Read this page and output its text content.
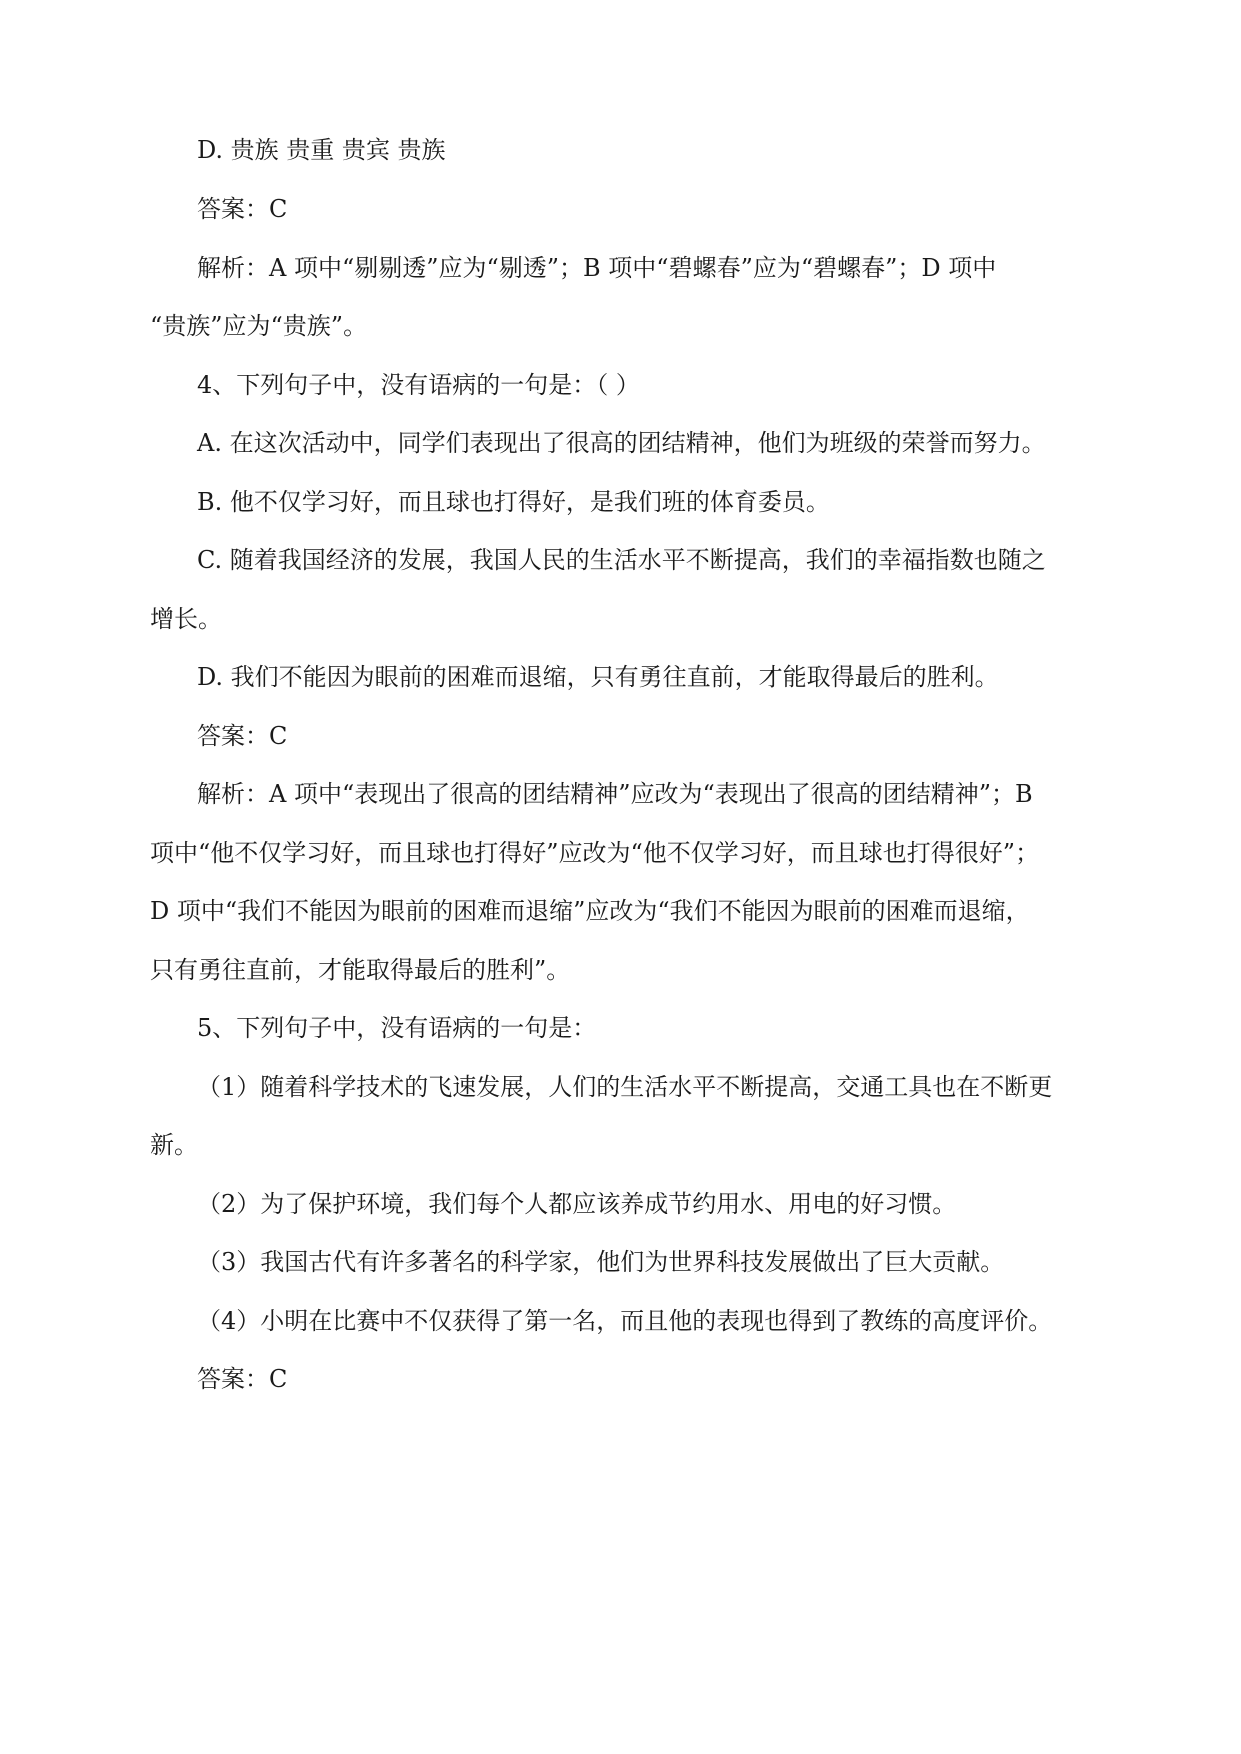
D. 贵族 贵重 贵宾 贵族

答案：C

解析：A 项中“剔剔透”应为“剔透”；B 项中“碧螺春”应为“碧螺春”；D 项中

“贵族”应为“贵族”。

4、下列句子中，没有语病的一句是：（ ）

A. 在这次活动中，同学们表现出了很高的团结精神，他们为班级的荣誉而努力。

B. 他不仅学习好，而且球也打得好，是我们班的体育委员。

C. 随着我国经济的发展，我国人民的生活水平不断提高，我们的幸福指数也随之

增长。

D. 我们不能因为眼前的困难而退缩，只有勇往直前，才能取得最后的胜利。

答案：C

解析：A 项中“表现出了很高的团结精神”应改为“表现出了很高的团结精神”；B

项中“他不仅学习好，而且球也打得好”应改为“他不仅学习好，而且球也打得很好”；

D 项中“我们不能因为眼前的困难而退缩”应改为“我们不能因为眼前的困难而退缩，

只有勇往直前，才能取得最后的胜利”。

5、下列句子中，没有语病的一句是：

（1）随着科学技术的飞速发展，人们的生活水平不断提高，交通工具也在不断更

新。

（2）为了保护环境，我们每个人都应该养成节约用水、用电的好习惯。

（3）我国古代有许多著名的科学家，他们为世界科技发展做出了巨大贡献。

（4）小明在比赛中不仅获得了第一名，而且他的表现也得到了教练的高度评价。

答案：C
